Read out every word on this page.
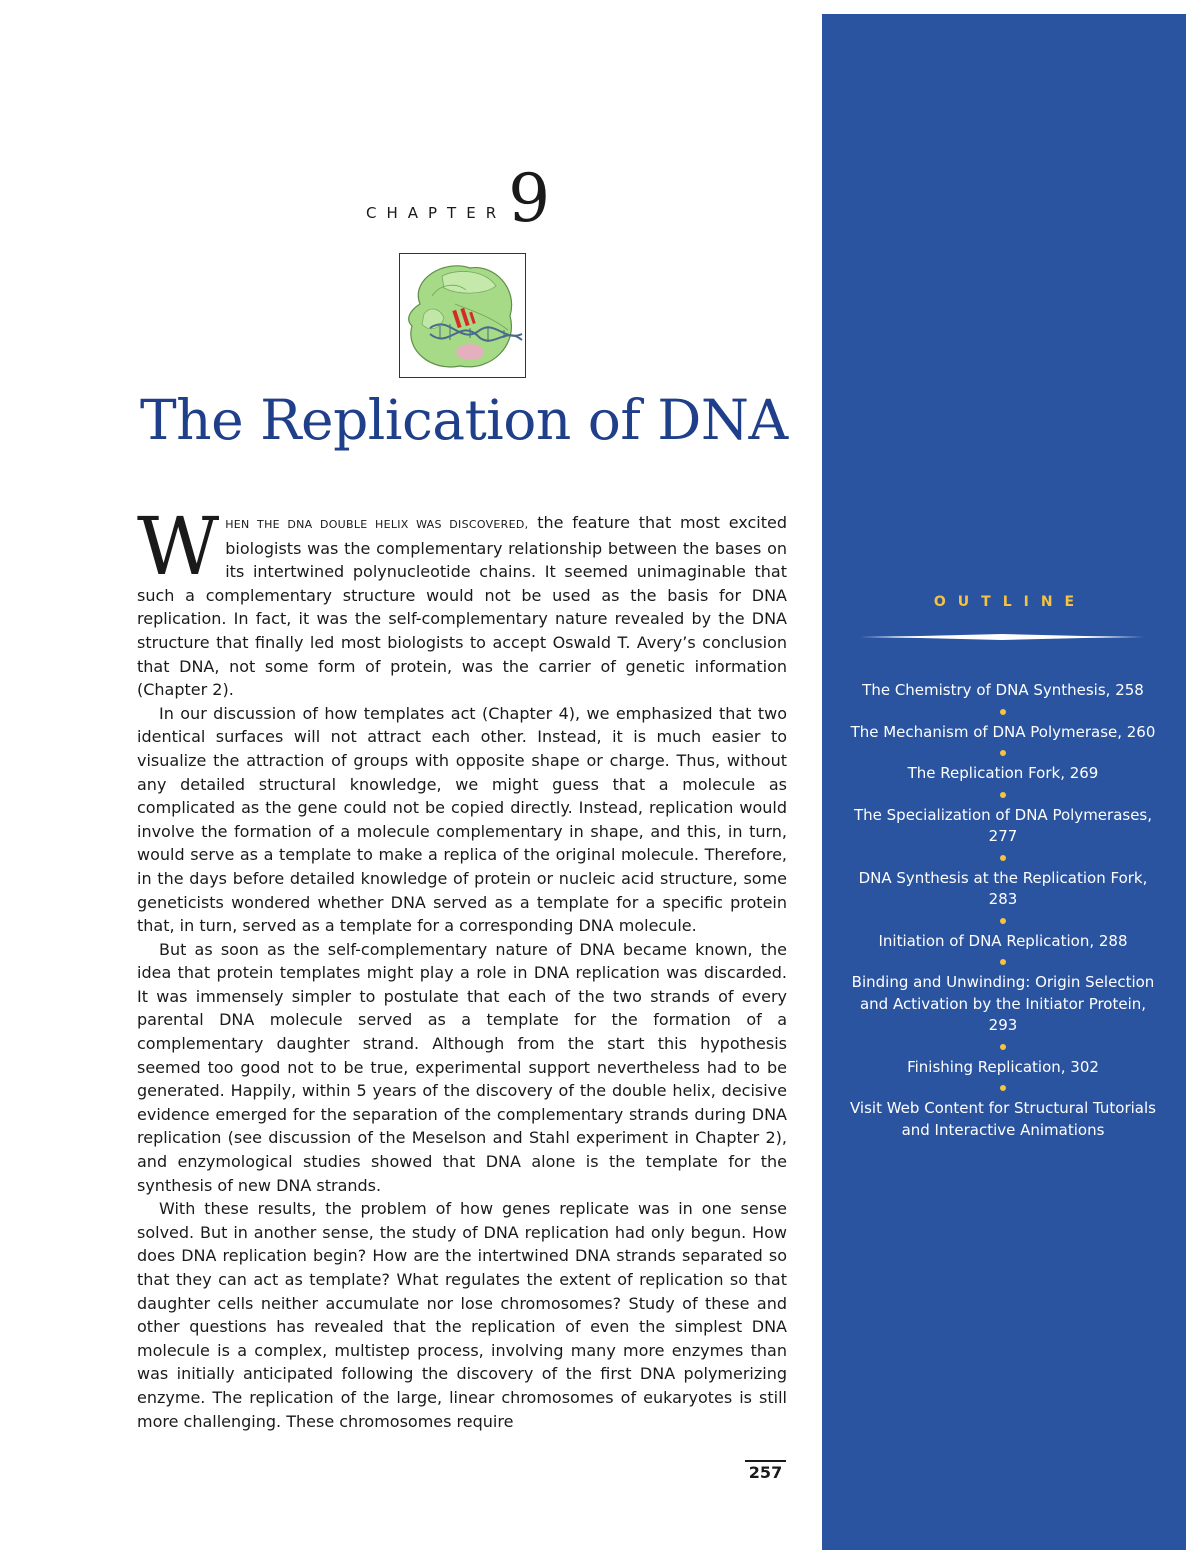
CHAPTER 9
The Replication of DNA

WHEN THE DNA DOUBLE HELIX WAS DISCOVERED, the feature that most excited biologists was the complementary relationship between the bases on its intertwined polynucleotide chains. It seemed unimaginable that such a complementary structure would not be used as the basis for DNA replication. In fact, it was the self-complementary nature revealed by the DNA structure that finally led most biologists to accept Oswald T. Avery’s conclusion that DNA, not some form of protein, was the carrier of genetic information (Chapter 2).

In our discussion of how templates act (Chapter 4), we emphasized that two identical surfaces will not attract each other. Instead, it is much easier to visualize the attraction of groups with opposite shape or charge. Thus, without any detailed structural knowledge, we might guess that a molecule as complicated as the gene could not be copied directly. Instead, replication would involve the formation of a molecule complementary in shape, and this, in turn, would serve as a template to make a replica of the original molecule. Therefore, in the days before detailed knowledge of protein or nucleic acid structure, some geneticists wondered whether DNA served as a template for a specific protein that, in turn, served as a template for a corresponding DNA molecule.

But as soon as the self-complementary nature of DNA became known, the idea that protein templates might play a role in DNA replication was discarded. It was immensely simpler to postulate that each of the two strands of every parental DNA molecule served as a template for the formation of a complementary daughter strand. Although from the start this hypothesis seemed too good not to be true, experimental support nevertheless had to be generated. Happily, within 5 years of the discovery of the double helix, decisive evidence emerged for the separation of the complementary strands during DNA replication (see discussion of the Meselson and Stahl experiment in Chapter 2), and enzymological studies showed that DNA alone is the template for the synthesis of new DNA strands.

With these results, the problem of how genes replicate was in one sense solved. But in another sense, the study of DNA replication had only begun. How does DNA replication begin? How are the intertwined DNA strands separated so that they can act as template? What regulates the extent of replication so that daughter cells neither accumulate nor lose chromosomes? Study of these and other questions has revealed that the replication of even the simplest DNA molecule is a complex, multistep process, involving many more enzymes than was initially anticipated following the discovery of the first DNA polymerizing enzyme. The replication of the large, linear chromosomes of eukaryotes is still more challenging. These chromosomes require

257
OUTLINE
The Chemistry of DNA Synthesis, 258
The Mechanism of DNA Polymerase, 260
The Replication Fork, 269
The Specialization of DNA Polymerases, 277
DNA Synthesis at the Replication Fork, 283
Initiation of DNA Replication, 288
Binding and Unwinding: Origin Selection and Activation by the Initiator Protein, 293
Finishing Replication, 302
Visit Web Content for Structural Tutorials and Interactive Animations
